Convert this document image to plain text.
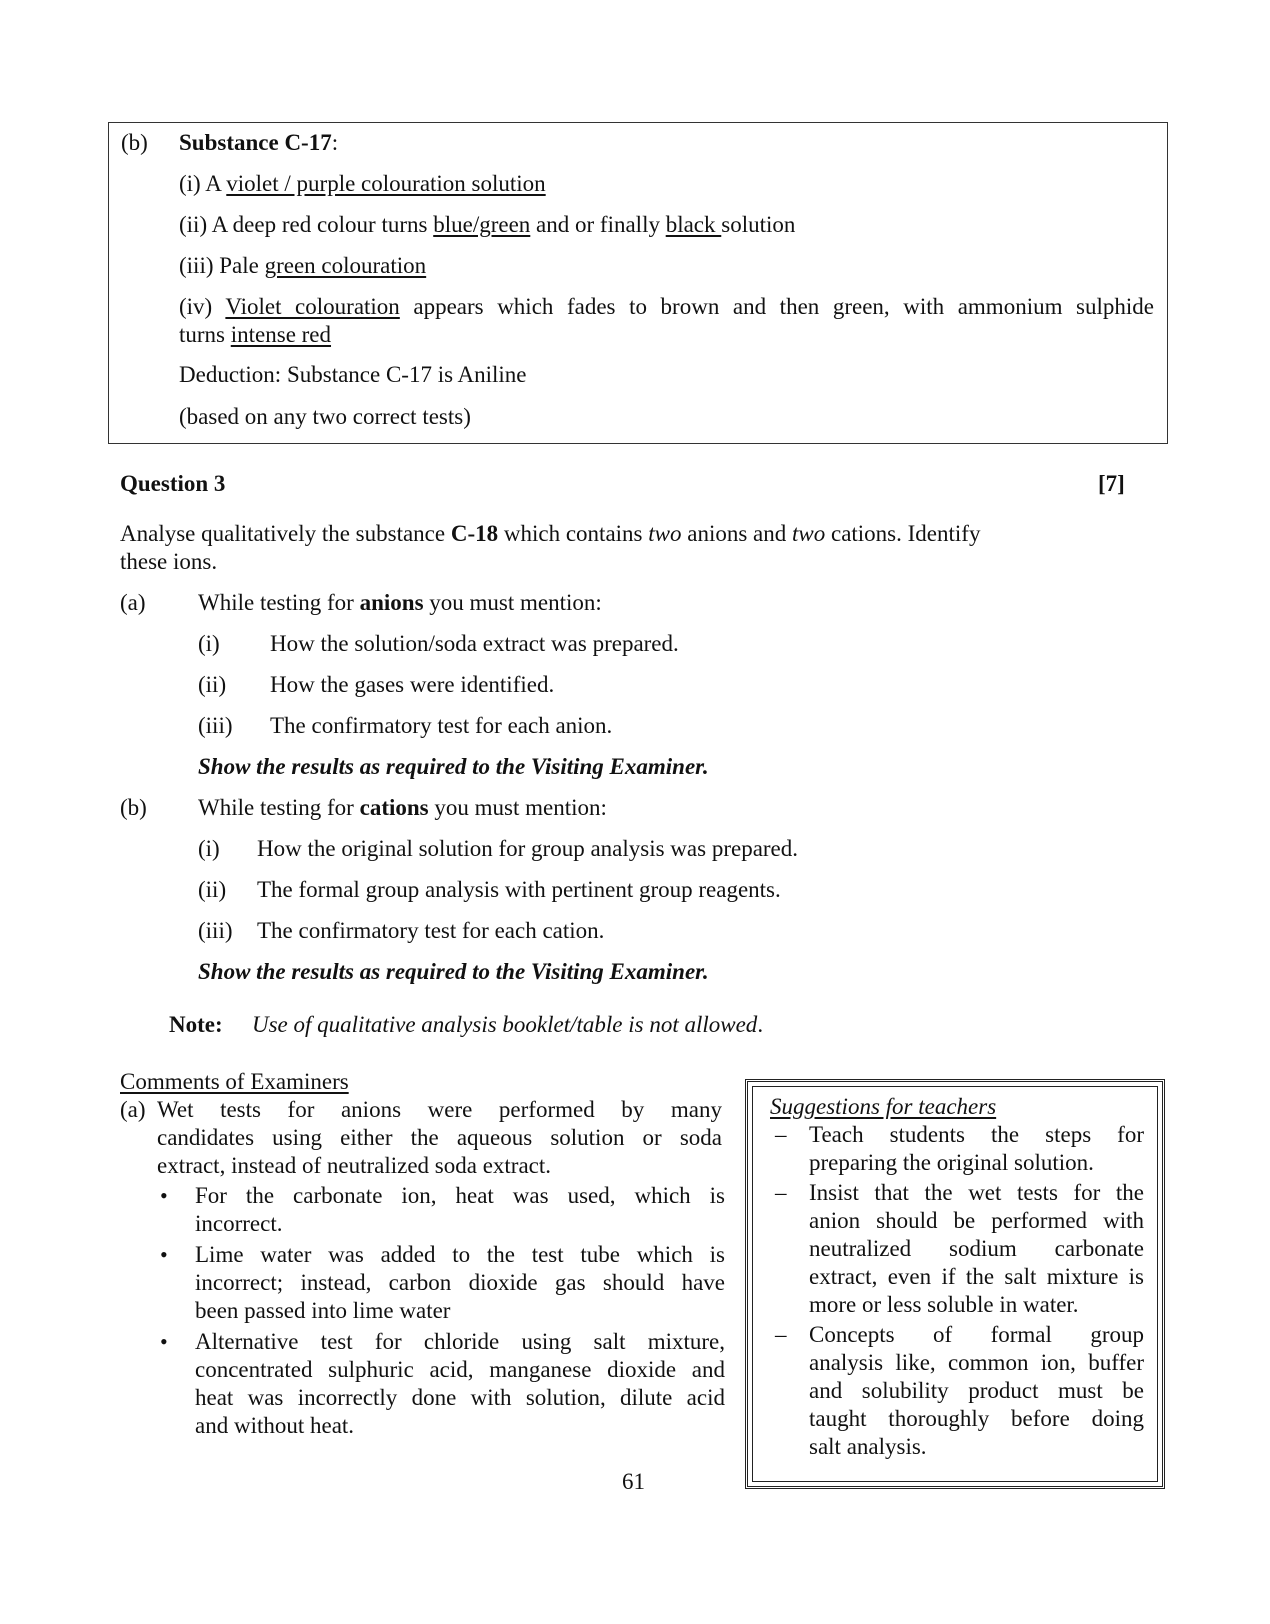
(b) Substance C-17:
(i) A violet / purple colouration solution
(ii) A deep red colour turns blue/green and or finally black solution
(iii) Pale green colouration
(iv) Violet colouration appears which fades to brown and then green, with ammonium sulphide
turns intense red
Deduction: Substance C-17 is Aniline
(based on any two correct tests)
Question 3	[7]
Analyse qualitatively the substance C-18 which contains two anions and two cations. Identify
these ions.
(a) While testing for anions you must mention:
(i) How the solution/soda extract was prepared.
(ii) How the gases were identified.
(iii) The confirmatory test for each anion.
Show the results as required to the Visiting Examiner.
(b) While testing for cations you must mention:
(i) How the original solution for group analysis was prepared.
(ii) The formal group analysis with pertinent group reagents.
(iii) The confirmatory test for each cation.
Show the results as required to the Visiting Examiner.
Note: Use of qualitative analysis booklet/table is not allowed.
Comments of Examiners
(a) Wet tests for anions were performed by many
candidates using either the aqueous solution or soda
extract, instead of neutralized soda extract.
• For the carbonate ion, heat was used, which is
incorrect.
• Lime water was added to the test tube which is
incorrect; instead, carbon dioxide gas should have
been passed into lime water
• Alternative test for chloride using salt mixture,
concentrated sulphuric acid, manganese dioxide and
heat was incorrectly done with solution, dilute acid
and without heat.
Suggestions for teachers
– Teach students the steps for
preparing the original solution.
– Insist that the wet tests for the
anion should be performed with
neutralized sodium carbonate
extract, even if the salt mixture is
more or less soluble in water.
– Concepts of formal group
analysis like, common ion, buffer
and solubility product must be
taught thoroughly before doing
salt analysis.
61
